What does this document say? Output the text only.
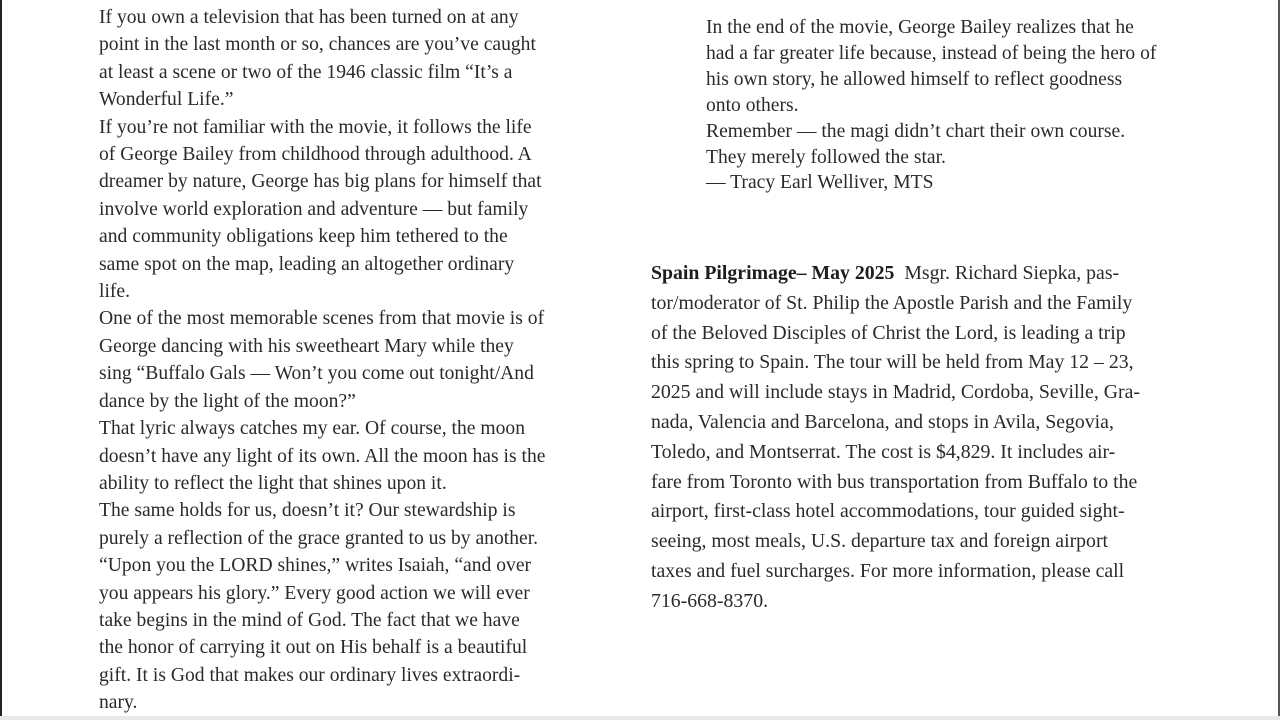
If you own a television that has been turned on at any

point in the last month or so, chances are you’ve caught

at least a scene or two of the 1946 classic film “It’s a

Wonderful Life.”

If you’re not familiar with the movie, it follows the life

of George Bailey from childhood through adulthood. A

dreamer by nature, George has big plans for himself that

involve world exploration and adventure — but family

and community obligations keep him tethered to the

same spot on the map, leading an altogether ordinary

life.

One of the most memorable scenes from that movie is of

George dancing with his sweetheart Mary while they

sing “Buffalo Gals — Won’t you come out tonight/And

dance by the light of the moon?”

That lyric always catches my ear. Of course, the moon

doesn’t have any light of its own. All the moon has is the

ability to reflect the light that shines upon it.

The same holds for us, doesn’t it? Our stewardship is

purely a reflection of the grace granted to us by another.

“Upon you the LORD shines,” writes Isaiah, “and over

you appears his glory.” Every good action we will ever

take begins in the mind of God. The fact that we have

the honor of carrying it out on His behalf is a beautiful

gift. It is God that makes our ordinary lives extraordi-

nary.

In the end of the movie, George Bailey realizes that he

had a far greater life because, instead of being the hero of

his own story, he allowed himself to reflect goodness

onto others.

Remember — the magi didn’t chart their own course.

They merely followed the star.

— Tracy Earl Welliver, MTS

Spain Pilgrimage– May 2025 Msgr. Richard Siepka, pas-

tor/moderator of St. Philip the Apostle Parish and the Family

of the Beloved Disciples of Christ the Lord, is leading a trip

this spring to Spain. The tour will be held from May 12 – 23,

2025 and will include stays in Madrid, Cordoba, Seville, Gra-

nada, Valencia and Barcelona, and stops in Avila, Segovia,

Toledo, and Montserrat. The cost is $4,829. It includes air-

fare from Toronto with bus transportation from Buffalo to the

airport, first-class hotel accommodations, tour guided sight-

seeing, most meals, U.S. departure tax and foreign airport

taxes and fuel surcharges. For more information, please call

716-668-8370.
